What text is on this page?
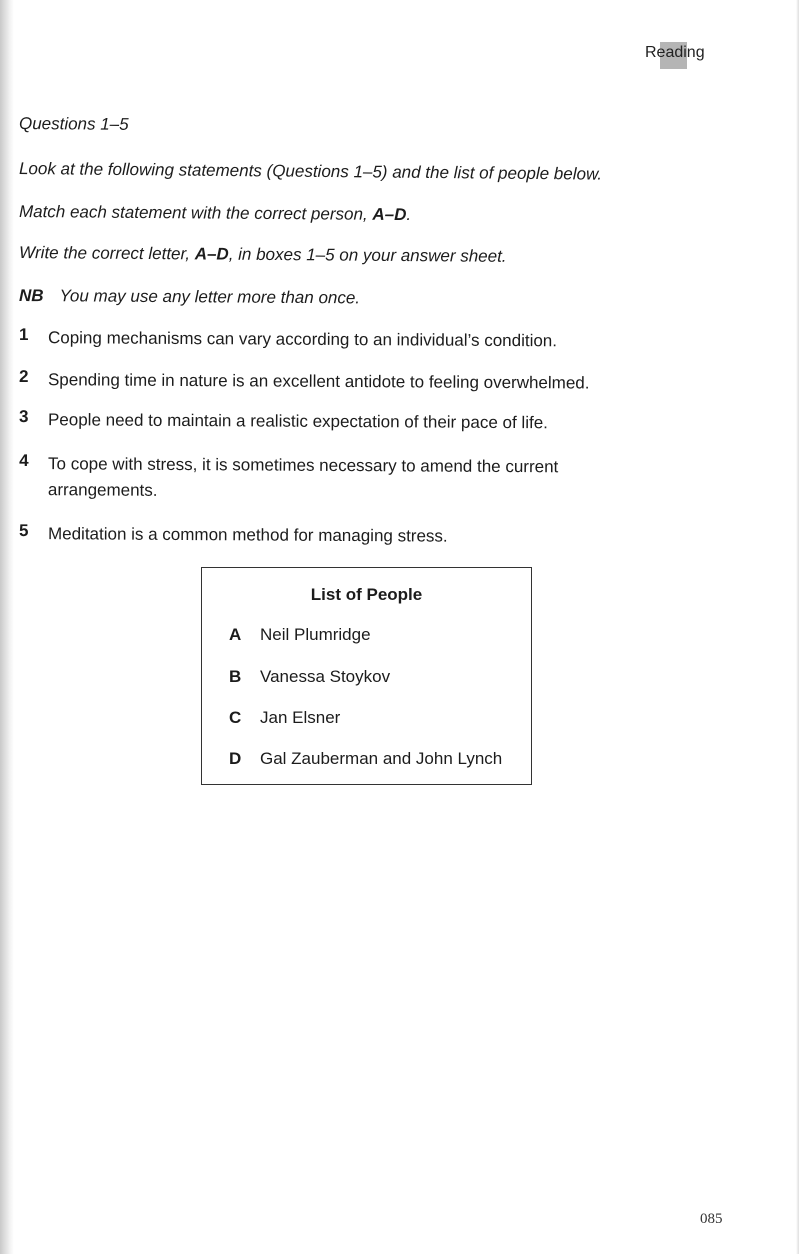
Reading
Questions 1–5
Look at the following statements (Questions 1–5) and the list of people below.
Match each statement with the correct person, A–D.
Write the correct letter, A–D, in boxes 1–5 on your answer sheet.
NB You may use any letter more than once.
1 Coping mechanisms can vary according to an individual’s condition.
2 Spending time in nature is an excellent antidote to feeling overwhelmed.
3 People need to maintain a realistic expectation of their pace of life.
4 To cope with stress, it is sometimes necessary to amend the current arrangements.
5 Meditation is a common method for managing stress.
List of People
A Neil Plumridge
B Vanessa Stoykov
C Jan Elsner
D Gal Zauberman and John Lynch
085
